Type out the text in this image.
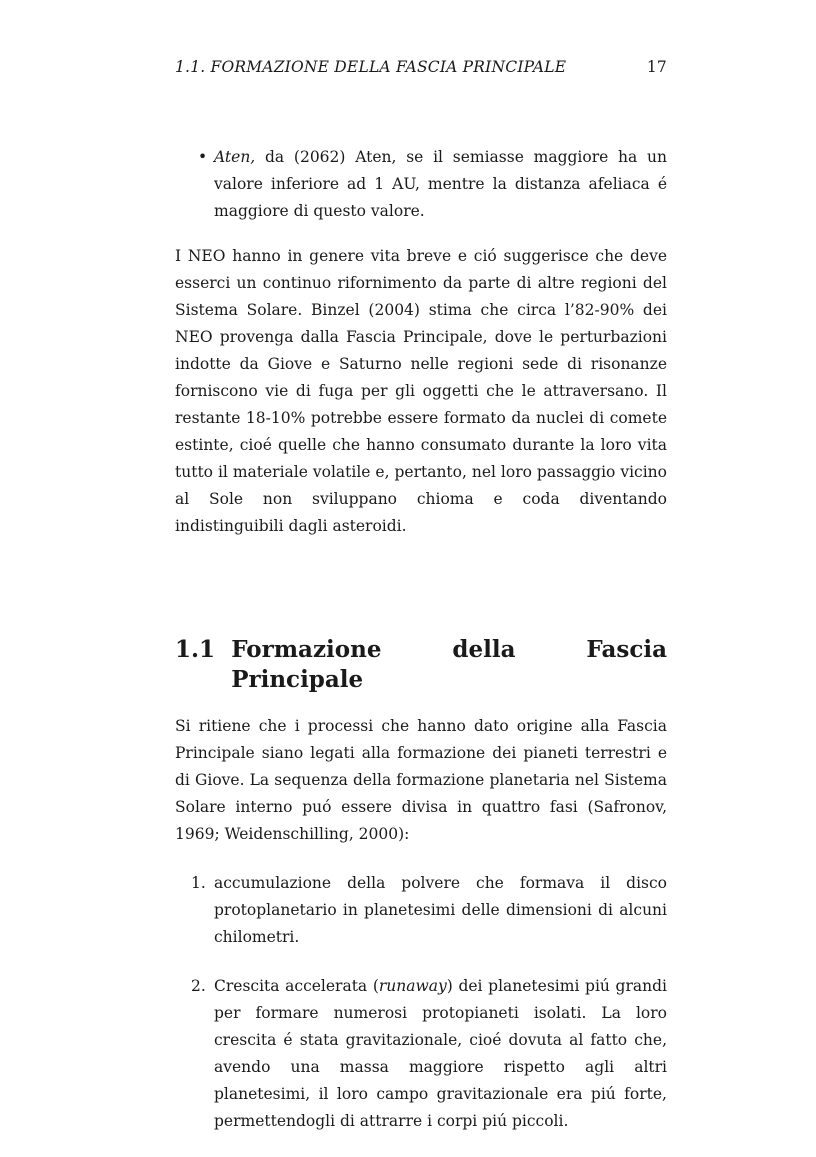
1.1. FORMAZIONE DELLA FASCIA PRINCIPALE	17
• Aten, da (2062) Aten, se il semiasse maggiore ha un valore inferiore ad 1 AU, mentre la distanza afeliaca é maggiore di questo valore.

I NEO hanno in genere vita breve e ció suggerisce che deve esserci un continuo rifornimento da parte di altre regioni del Sistema Solare. Binzel (2004) stima che circa l’82-90% dei NEO provenga dalla Fascia Principale, dove le perturbazioni indotte da Giove e Saturno nelle regioni sede di risonanze forniscono vie di fuga per gli oggetti che le attraversano. Il restante 18-10% potrebbe essere formato da nuclei di comete estinte, cioé quelle che hanno consumato durante la loro vita tutto il materiale volatile e, pertanto, nel loro passaggio vicino al Sole non sviluppano chioma e coda diventando indistinguibili dagli asteroidi.

1.1 Formazione della Fascia Principale

Si ritiene che i processi che hanno dato origine alla Fascia Principale siano legati alla formazione dei pianeti terrestri e di Giove. La sequenza della formazione planetaria nel Sistema Solare interno puó essere divisa in quattro fasi (Safronov, 1969; Weidenschilling, 2000):

1. accumulazione della polvere che formava il disco protoplanetario in planetesimi delle dimensioni di alcuni chilometri.
2. Crescita accelerata (runaway) dei planetesimi piú grandi per formare numerosi protopianeti isolati. La loro crescita é stata gravitazionale, cioé dovuta al fatto che, avendo una massa maggiore rispetto agli altri planetesimi, il loro campo gravitazionale era piú forte, permettendogli di attrarre i corpi piú piccoli.
